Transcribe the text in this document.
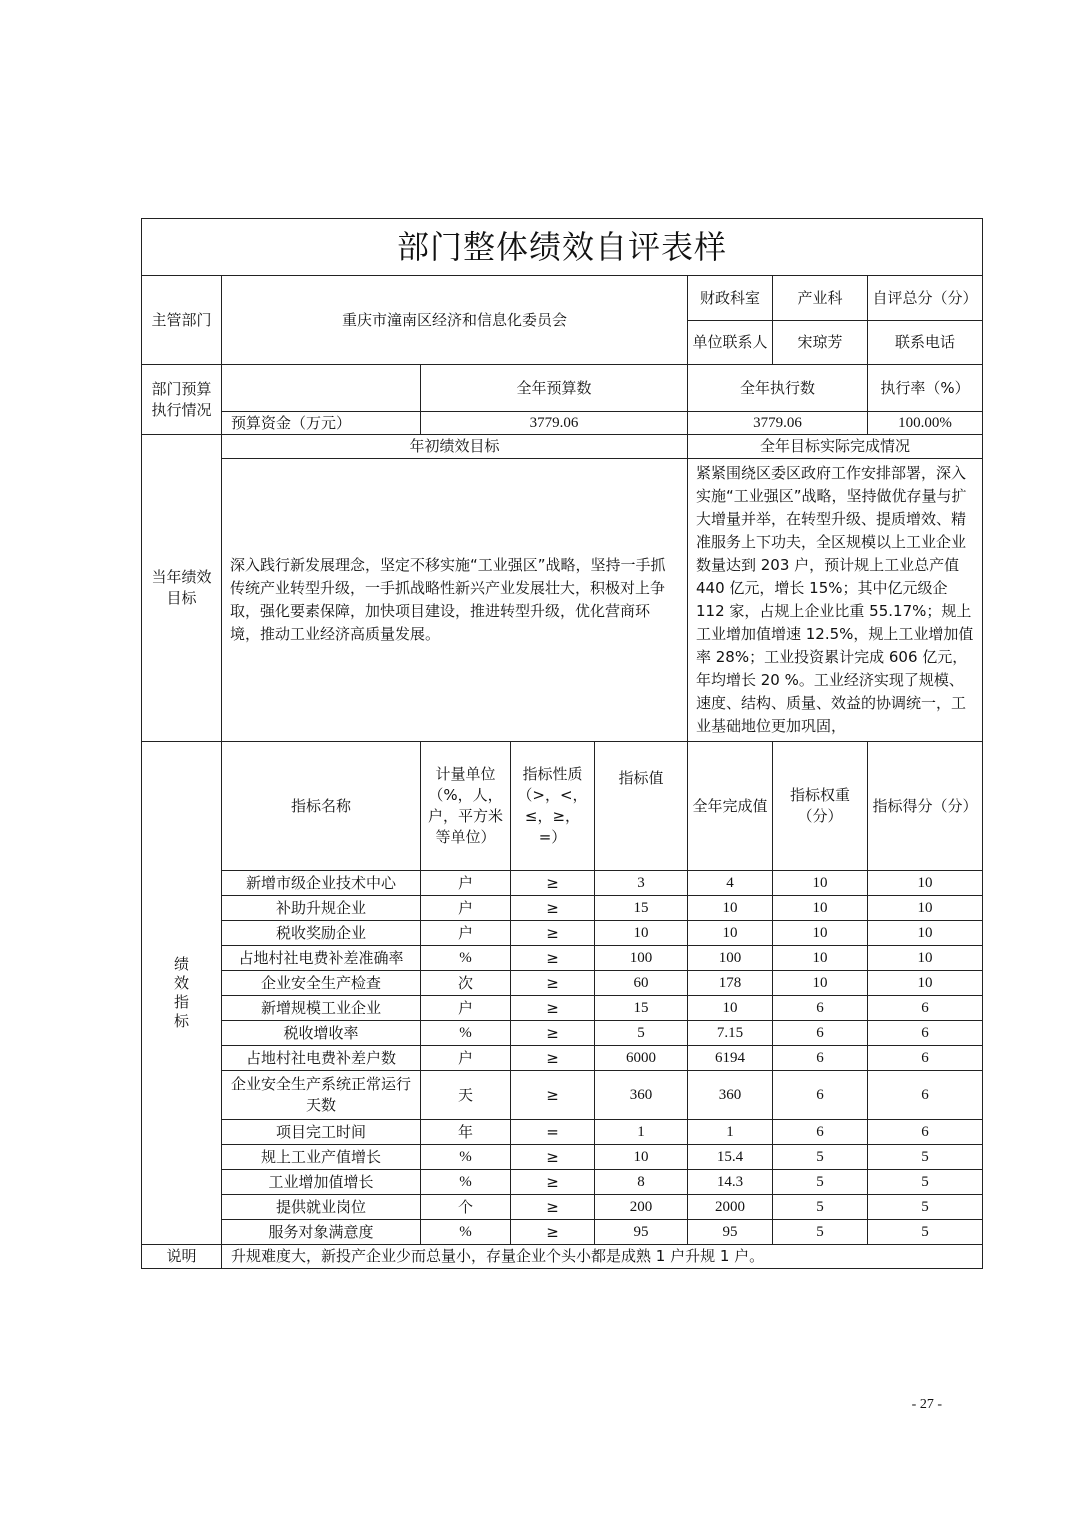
部门整体绩效自评表样								
主管部门	重庆市潼南区经济和信息化委员会				财政科室	产业科	自评总分（分）	
					单位联系人	宋琼芳	联系电话	
部门预算执行情况		全年预算数			全年执行数		执行率（%）	
	预算资金（万元）	3779.06			3779.06		100.00%	
当年绩效目标	年初绩效目标				全年目标实际完成情况			
	深入践行新发展理念，坚定不移实施“工业强区”战略，坚持一手抓传统产业转型升级，一手抓战略性新兴产业发展壮大，积极对上争取，强化要素保障，加快项目建设，推进转型升级，优化营商环境，推动工业经济高质量发展。				紧紧围绕区委区政府工作安排部署，深入实施“工业强区”战略，坚持做优存量与扩大增量并举，在转型升级、提质增效、精准服务上下功夫，全区规模以上工业企业数量达到 203 户，预计规上工业总产值 440 亿元，增长 15%；其中亿元级企 112 家，占规上企业比重 55.17%；规上工业增加值增速 12.5%，规上工业增加值率 28%；工业投资累计完成 606 亿元，年均增长 20 %。工业经济实现了规模、速度、结构、质量、效益的协调统一，工业基础地位更加巩固，			

绩效指标	指标名称	计量单位（%，人，户，平方米等单位）	指标性质（>，<，≤，≥，=）	指标值	全年完成值	指标权重（分）	指标得分（分）	
	新增市级企业技术中心	户	≥	3	4	10	10	
	补助升规企业	户	≥	15	10	10	10	
	税收奖励企业	户	≥	10	10	10	10	
	占地村社电费补差准确率	%	≥	100	100	10	10	
	企业安全生产检查	次	≥	60	178	10	10	
	新增规模工业企业	户	≥	15	10	6	6	
	税收增收率	%	≥	5	7.15	6	6	
	占地村社电费补差户数	户	≥	6000	6194	6	6	
	企业安全生产系统正常运行天数	天	≥	360	360	6	6	
	项目完工时间	年	=	1	1	6	6	
	规上工业产值增长	%	≥	10	15.4	5	5	
	工业增加值增长	%	≥	8	14.3	5	5	
	提供就业岗位	个	≥	200	2000	5	5	
	服务对象满意度	%	≥	95	95	5	5	
说明	升规难度大，新投产企业少而总量小，存量企业个头小都是成熟 1 户升规 1 户。							
- 27 -
